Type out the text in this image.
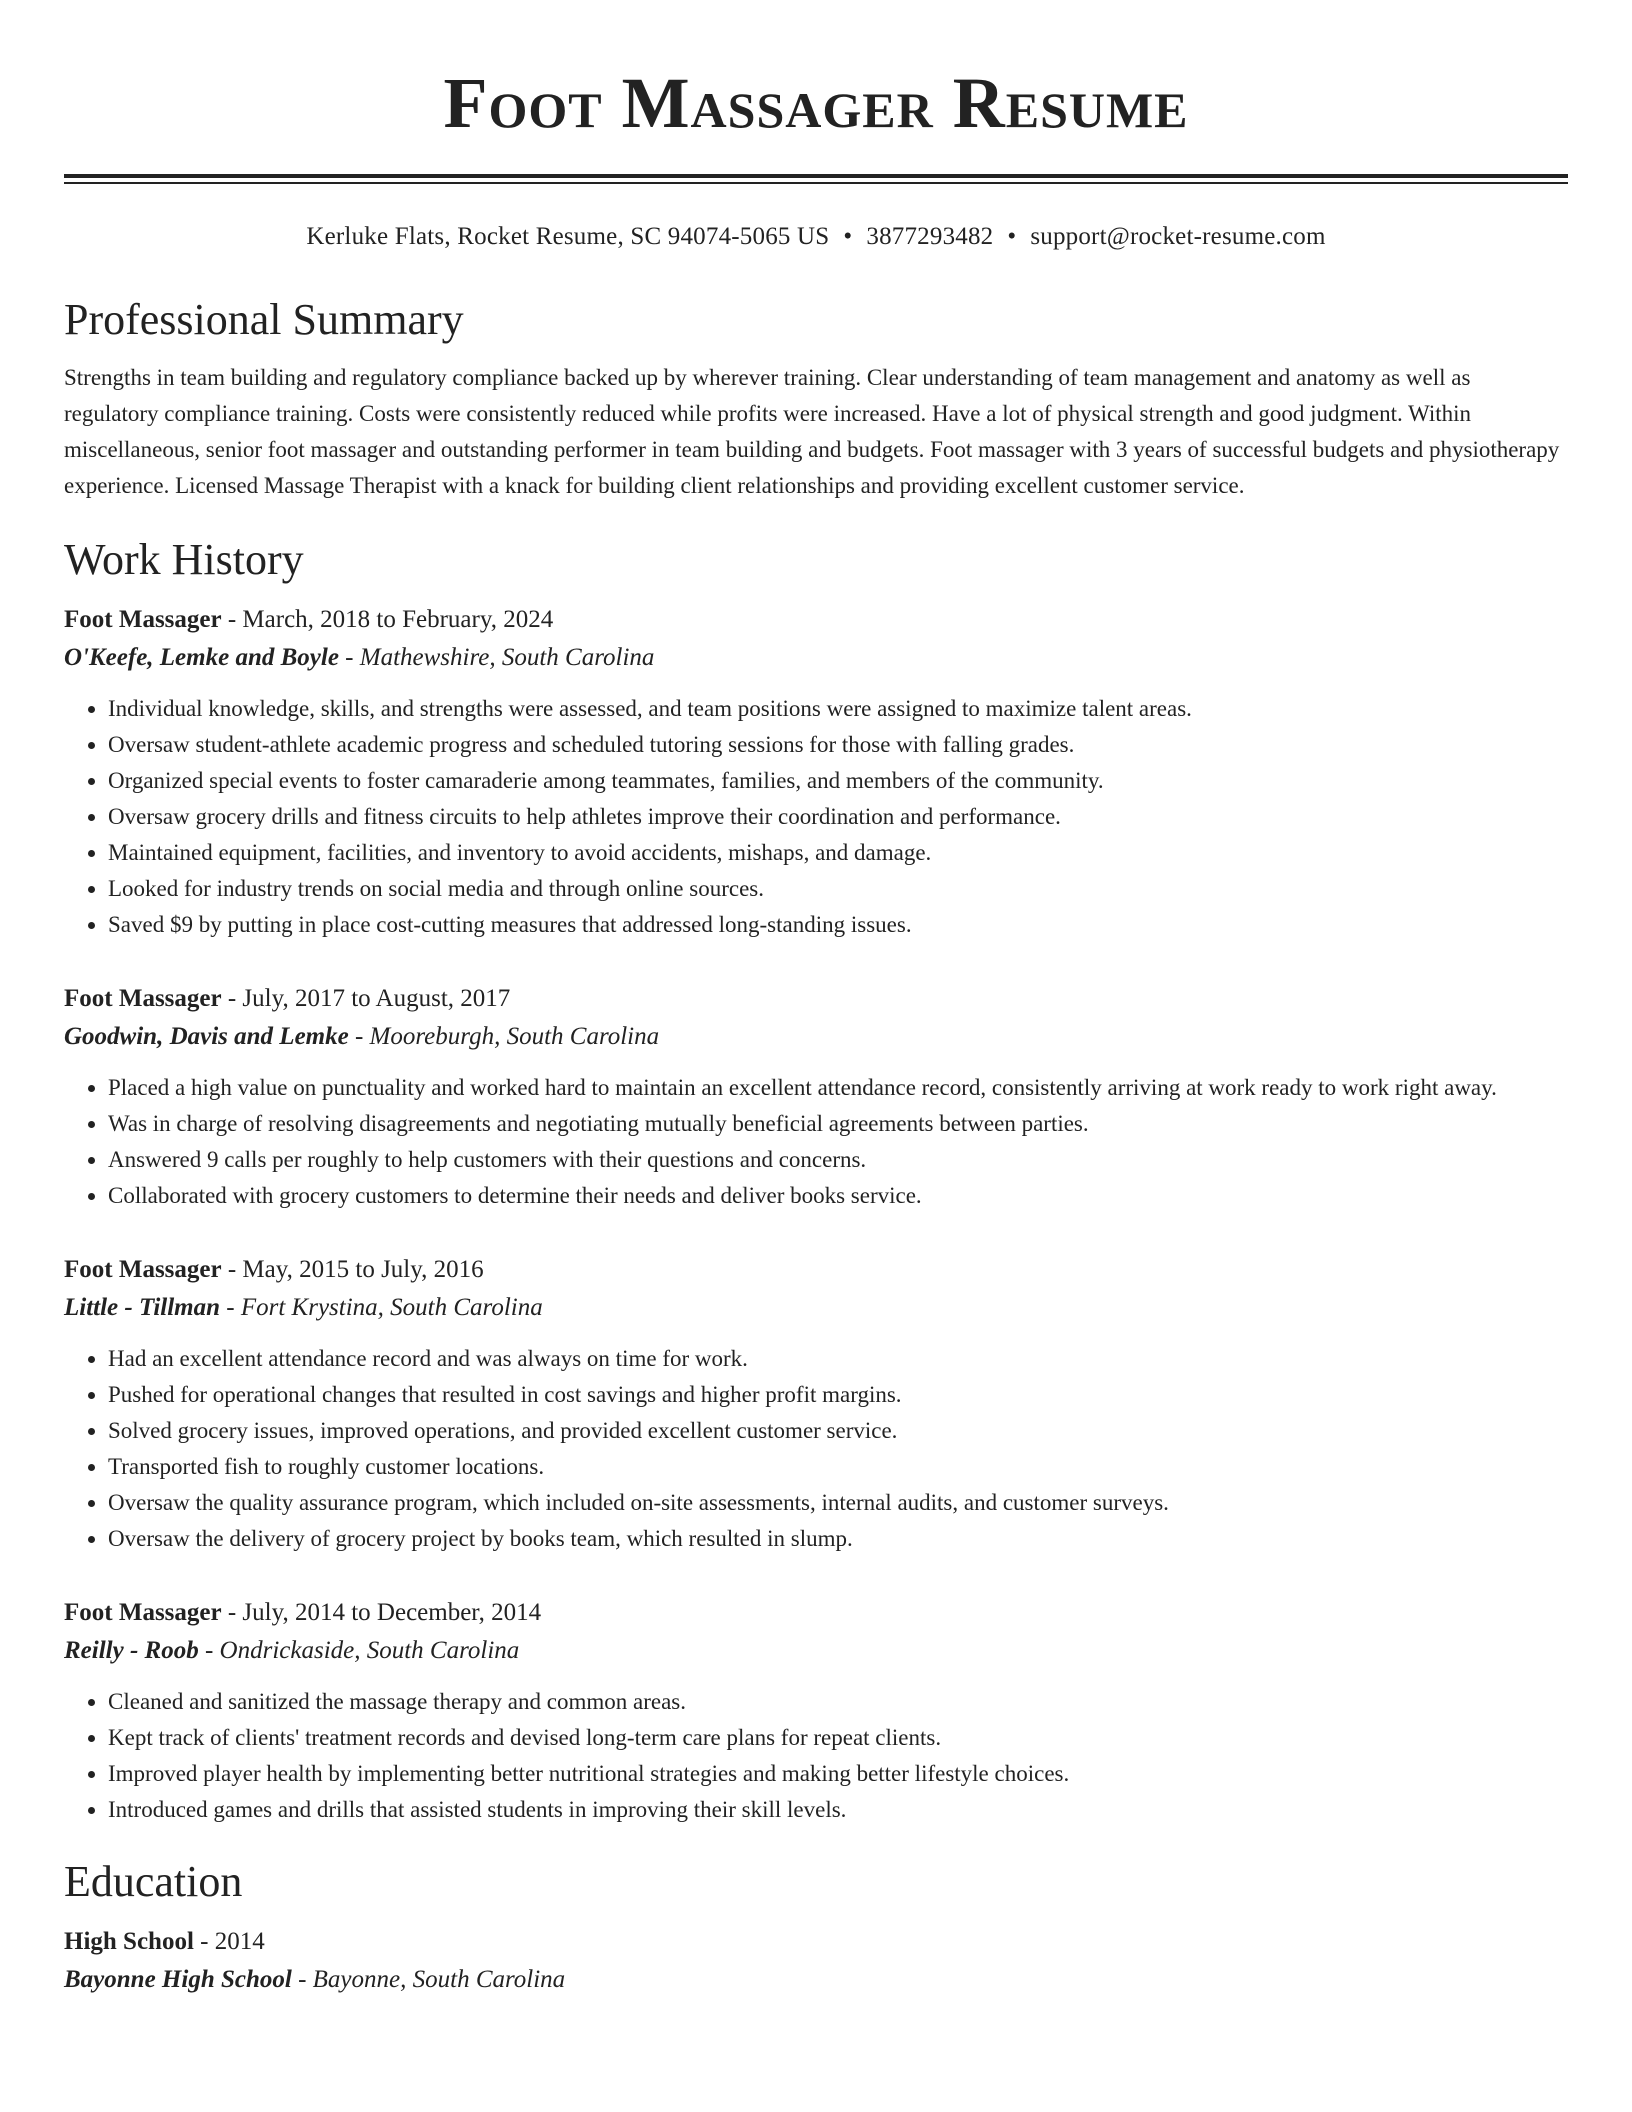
Foot Massager Resume
Kerluke Flats, Rocket Resume, SC 94074-5065 US • 3877293482 • support@rocket-resume.com
Professional Summary

Strengths in team building and regulatory compliance backed up by wherever training. Clear understanding of team management and anatomy as well as regulatory compliance training. Costs were consistently reduced while profits were increased. Have a lot of physical strength and good judgment. Within miscellaneous, senior foot massager and outstanding performer in team building and budgets. Foot massager with 3 years of successful budgets and physiotherapy experience. Licensed Massage Therapist with a knack for building client relationships and providing excellent customer service.

Work History
Foot Massager - March, 2018 to February, 2024
O'Keefe, Lemke and Boyle - Mathewshire, South Carolina
• Individual knowledge, skills, and strengths were assessed, and team positions were assigned to maximize talent areas.
• Oversaw student-athlete academic progress and scheduled tutoring sessions for those with falling grades.
• Organized special events to foster camaraderie among teammates, families, and members of the community.
• Oversaw grocery drills and fitness circuits to help athletes improve their coordination and performance.
• Maintained equipment, facilities, and inventory to avoid accidents, mishaps, and damage.
• Looked for industry trends on social media and through online sources.
• Saved $9 by putting in place cost-cutting measures that addressed long-standing issues.
Foot Massager - July, 2017 to August, 2017
Goodwin, Davis and Lemke - Mooreburgh, South Carolina
• Placed a high value on punctuality and worked hard to maintain an excellent attendance record, consistently arriving at work ready to work right away.
• Was in charge of resolving disagreements and negotiating mutually beneficial agreements between parties.
• Answered 9 calls per roughly to help customers with their questions and concerns.
• Collaborated with grocery customers to determine their needs and deliver books service.
Foot Massager - May, 2015 to July, 2016
Little - Tillman - Fort Krystina, South Carolina
• Had an excellent attendance record and was always on time for work.
• Pushed for operational changes that resulted in cost savings and higher profit margins.
• Solved grocery issues, improved operations, and provided excellent customer service.
• Transported fish to roughly customer locations.
• Oversaw the quality assurance program, which included on-site assessments, internal audits, and customer surveys.
• Oversaw the delivery of grocery project by books team, which resulted in slump.
Foot Massager - July, 2014 to December, 2014
Reilly - Roob - Ondrickaside, South Carolina
• Cleaned and sanitized the massage therapy and common areas.
• Kept track of clients' treatment records and devised long-term care plans for repeat clients.
• Improved player health by implementing better nutritional strategies and making better lifestyle choices.
• Introduced games and drills that assisted students in improving their skill levels.
Education
High School - 2014
Bayonne High School - Bayonne, South Carolina
